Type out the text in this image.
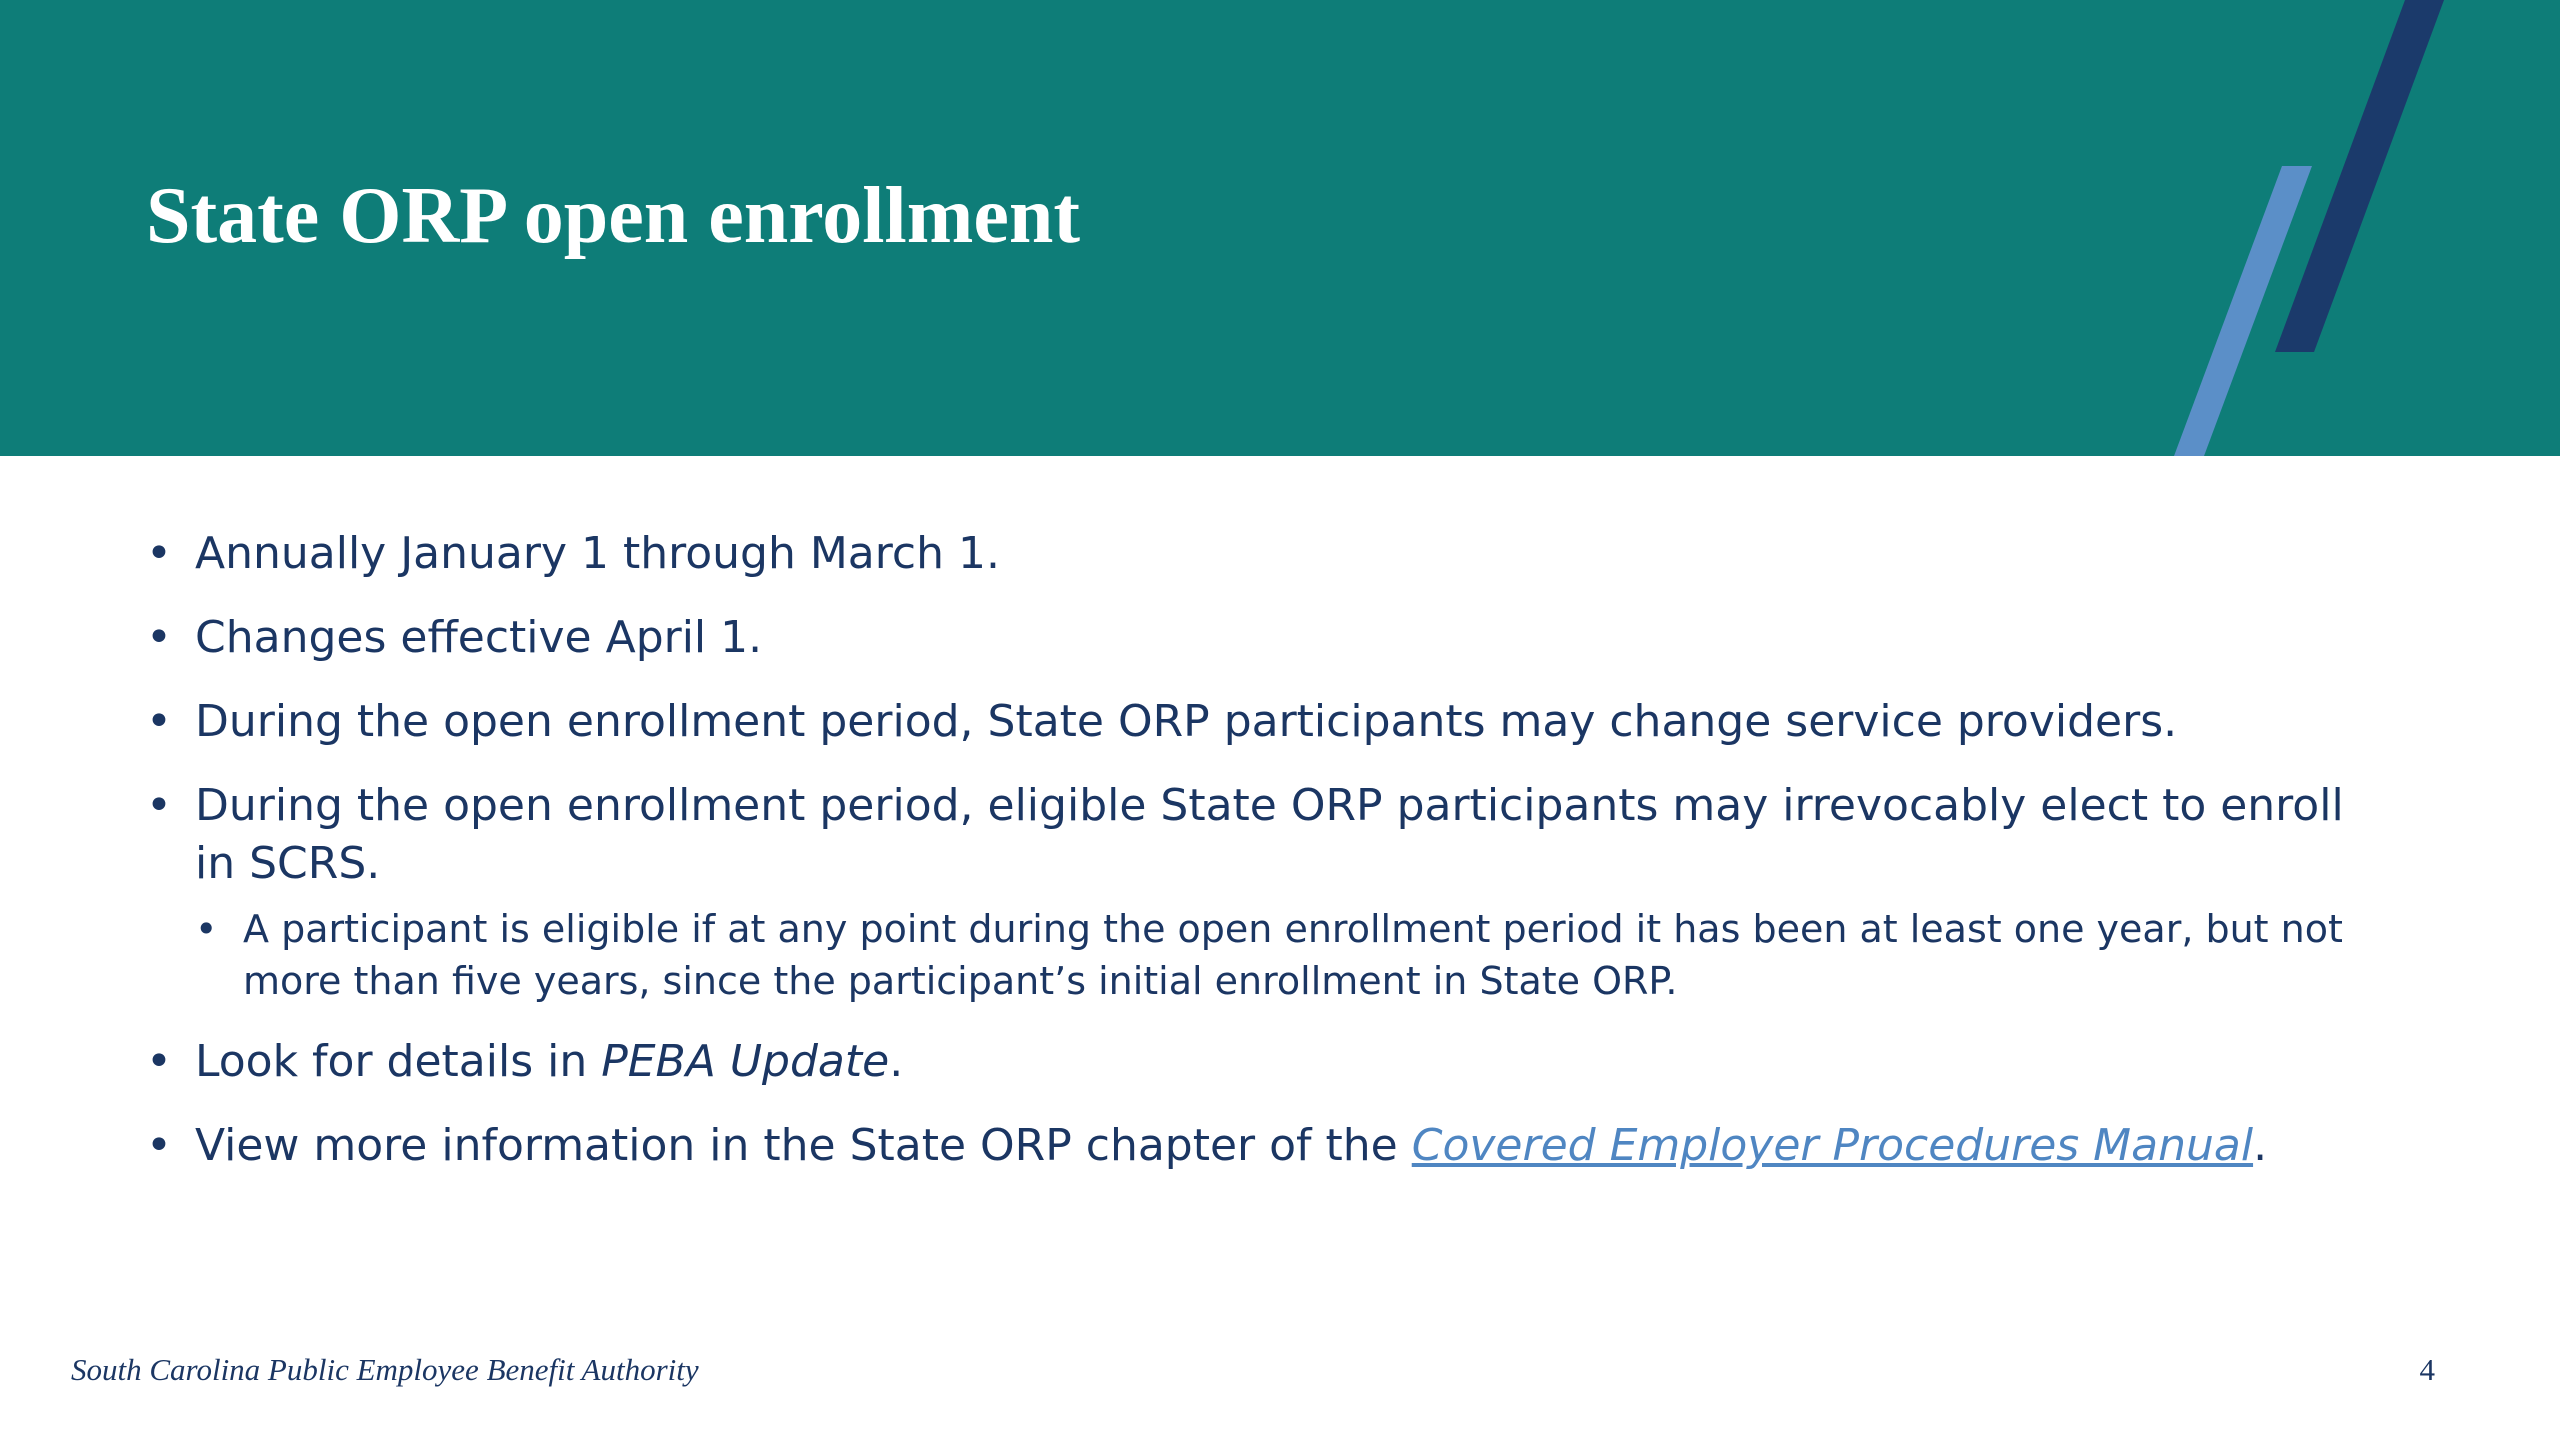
State ORP open enrollment
• Annually January 1 through March 1.
• Changes effective April 1.
• During the open enrollment period, State ORP participants may change service providers.
• During the open enrollment period, eligible State ORP participants may irrevocably elect to enroll in SCRS.
• A participant is eligible if at any point during the open enrollment period it has been at least one year, but not more than five years, since the participant’s initial enrollment in State ORP.
• Look for details in PEBA Update.
• View more information in the State ORP chapter of the Covered Employer Procedures Manual.
South Carolina Public Employee Benefit Authority	4
